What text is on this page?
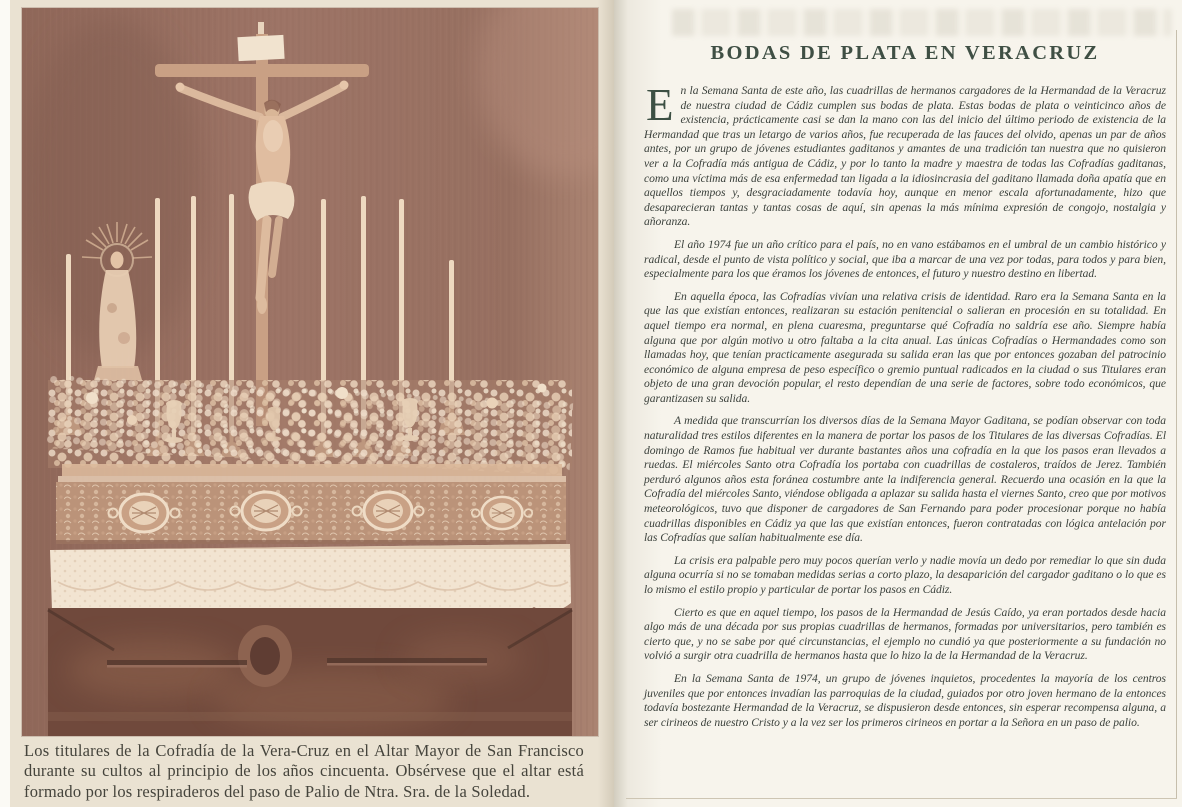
Los titulares de la Cofradía de la Vera-Cruz en el Altar Mayor de San Francisco durante su cultos al principio de los años cincuenta. Obsérvese que el altar está formado por los respiraderos del paso de Palio de Ntra. Sra. de la Soledad.

BODAS DE PLATA EN VERACRUZ

En la Semana Santa de este año, las cuadrillas de hermanos cargadores de la Hermandad de la Veracruz de nuestra ciudad de Cádiz cumplen sus bodas de plata. Estas bodas de plata o veinticinco años de existencia, prácticamente casi se dan la mano con las del inicio del último periodo de existencia de la Hermandad que tras un letargo de varios años, fue recuperada de las fauces del olvido, apenas un par de años antes, por un grupo de jóvenes estudiantes gaditanos y amantes de una tradición tan nuestra que no quisieron ver a la Cofradía más antigua de Cádiz, y por lo tanto la madre y maestra de todas las Cofradías gaditanas, como una víctima más de esa enfermedad tan ligada a la idiosincrasia del gaditano llamada doña apatía que en aquellos tiempos y, desgraciadamente todavía hoy, aunque en menor escala afortunadamente, hizo que desaparecieran tantas y tantas cosas de aquí, sin apenas la más mínima expresión de congojo, nostalgia y añoranza.

El año 1974 fue un año crítico para el país, no en vano estábamos en el umbral de un cambio histórico y radical, desde el punto de vista político y social, que iba a marcar de una vez por todas, para todos y para bien, especialmente para los que éramos los jóvenes de entonces, el futuro y nuestro destino en libertad.

En aquella época, las Cofradías vivían una relativa crisis de identidad. Raro era la Semana Santa en la que las que existían entonces, realizaran su estación penitencial o salieran en procesión en su totalidad. En aquel tiempo era normal, en plena cuaresma, preguntarse qué Cofradía no saldría ese año. Siempre había alguna que por algún motivo u otro faltaba a la cita anual. Las únicas Cofradías o Hermandades como son llamadas hoy, que tenían practicamente asegurada su salida eran las que por entonces gozaban del patrocinio económico de alguna empresa de peso específico o gremio puntual radicados en la ciudad o sus Titulares eran objeto de una gran devoción popular, el resto dependían de una serie de factores, sobre todo económicos, que garantizasen su salida.

A medida que transcurrían los diversos días de la Semana Mayor Gaditana, se podían observar con toda naturalidad tres estilos diferentes en la manera de portar los pasos de los Titulares de las diversas Cofradías. El domingo de Ramos fue habitual ver durante bastantes años una cofradía en la que los pasos eran llevados a ruedas. El miércoles Santo otra Cofradía los portaba con cuadrillas de costaleros, traídos de Jerez. También perduró algunos años esta foránea costumbre ante la indiferencia general. Recuerdo una ocasión en la que la Cofradía del miércoles Santo, viéndose obligada a aplazar su salida hasta el viernes Santo, creo que por motivos meteorológicos, tuvo que disponer de cargadores de San Fernando para poder procesionar porque no había cuadrillas disponibles en Cádiz ya que las que existían entonces, fueron contratadas con lógica antelación por las Cofradías que salían habitualmente ese día.

La crisis era palpable pero muy pocos querían verlo y nadie movía un dedo por remediar lo que sin duda alguna ocurría si no se tomaban medidas serias a corto plazo, la desaparición del cargador gaditano o lo que es lo mismo el estilo propio y particular de portar los pasos en Cádiz.

Cierto es que en aquel tiempo, los pasos de la Hermandad de Jesús Caído, ya eran portados desde hacia algo más de una década por sus propias cuadrillas de hermanos, formadas por universitarios, pero también es cierto que, y no se sabe por qué circunstancias, el ejemplo no cundió ya que posteriormente a su fundación no volvió a surgir otra cuadrilla de hermanos hasta que lo hizo la de la Hermandad de la Veracruz.

En la Semana Santa de 1974, un grupo de jóvenes inquietos, procedentes la mayoría de los centros juveniles que por entonces invadían las parroquias de la ciudad, guiados por otro joven hermano de la entonces todavía bostezante Hermandad de la Veracruz, se dispusieron desde entonces, sin esperar recompensa alguna, a ser cirineos de nuestro Cristo y a la vez ser los primeros cirineos en portar a la Señora en un paso de palio.
